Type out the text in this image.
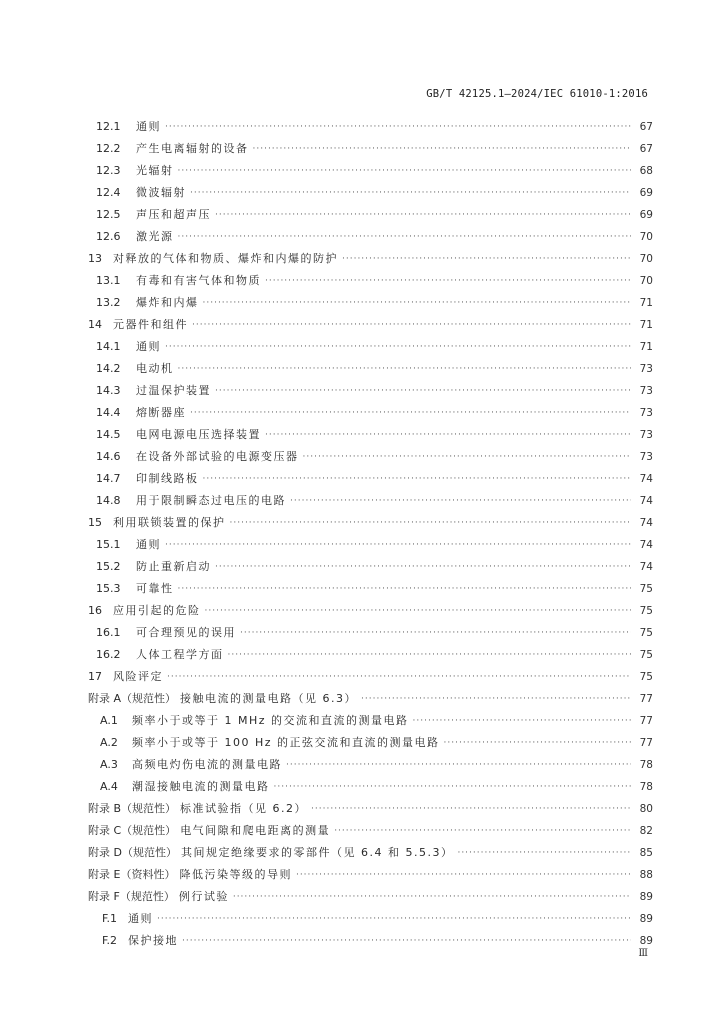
GB/T 42125.1—2024/IEC 61010-1:2016
12.1	通则 ·····	67
12.2	产生电离辐射的设备 ·····	67
12.3	光辐射 ·····	68
12.4	微波辐射 ·····	69
12.5	声压和超声压 ·····	69
12.6	激光源 ·····	70
13 对释放的气体和物质、爆炸和内爆的防护 ·····	70
13.1	有毒和有害气体和物质 ·····	70
13.2	爆炸和内爆 ·····	71
14 元器件和组件 ·····	71
14.1	通则 ·····	71
14.2	电动机 ·····	73
14.3	过温保护装置 ·····	73
14.4	熔断器座 ·····	73
14.5	电网电源电压选择装置 ·····	73
14.6	在设备外部试验的电源变压器 ·····	73
14.7	印制线路板 ·····	74
14.8	用于限制瞬态过电压的电路 ·····	74
15 利用联锁装置的保护 ·····	74
15.1	通则 ·····	74
15.2	防止重新启动 ·····	74
15.3	可靠性 ·····	75
16 应用引起的危险 ·····	75
16.1	可合理预见的误用 ·····	75
16.2	人体工程学方面 ·····	75
17 风险评定 ·····	75
附录 A（规范性） 接触电流的测量电路（见 6.3） ·····	77
A.1	频率小于或等于 1 MHz 的交流和直流的测量电路 ·····	77
A.2	频率小于或等于 100 Hz 的正弦交流和直流的测量电路 ·····	77
A.3	高频电灼伤电流的测量电路 ·····	78
A.4	潮湿接触电流的测量电路 ·····	78
附录 B（规范性） 标准试验指（见 6.2） ·····	80
附录 C（规范性） 电气间隙和爬电距离的测量 ·····	82
附录 D（规范性） 其间规定绝缘要求的零部件（见 6.4 和 5.5.3） ·····	85
附录 E（资料性） 降低污染等级的导则 ·····	88
附录 F（规范性） 例行试验 ·····	89
F.1 通则 ·····	89
F.2 保护接地 ·····	89
Ⅲ
